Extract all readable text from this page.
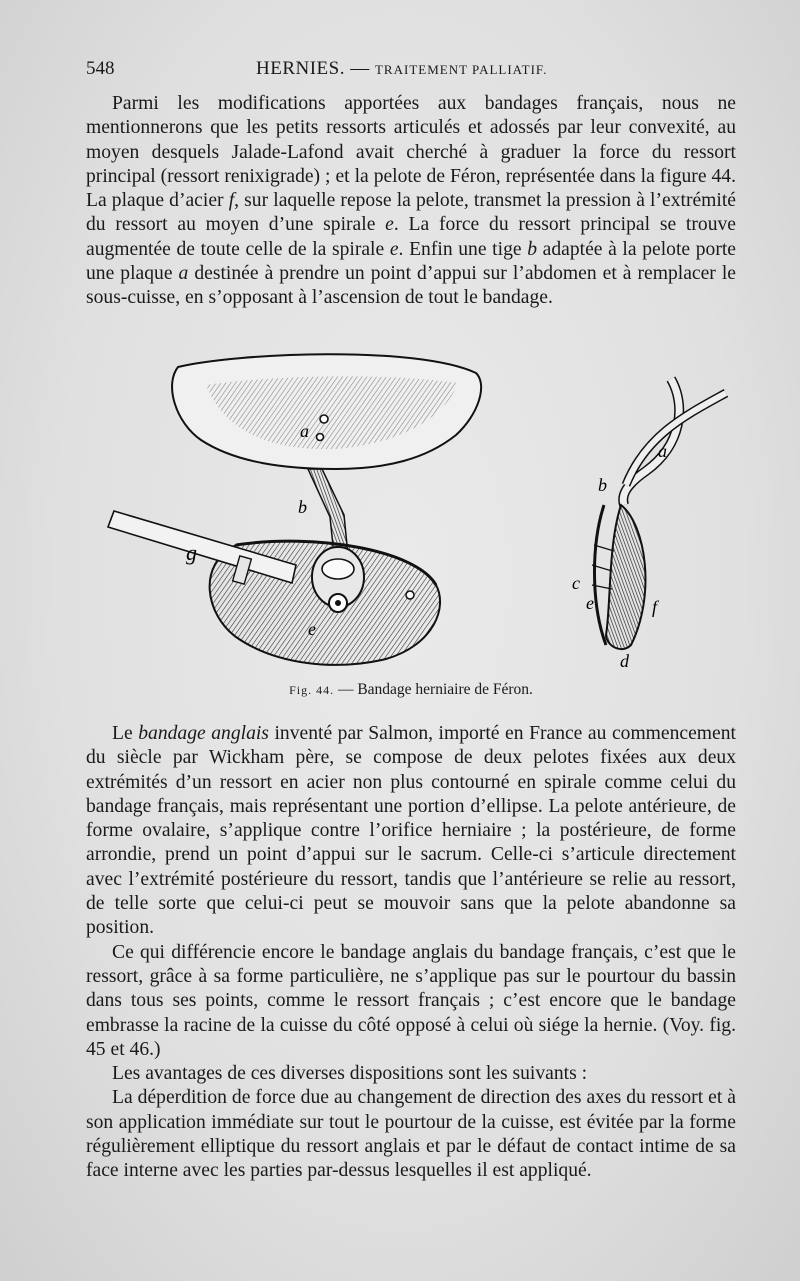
548	HERNIES. — TRAITEMENT PALLIATIF.

Parmi les modifications apportées aux bandages français, nous ne mentionnerons que les petits ressorts articulés et adossés par leur convexité, au moyen desquels Jalade-Lafond avait cherché à graduer la force du ressort principal (ressort renixigrade) ; et la pelote de Féron, représentée dans la figure 44. La plaque d’acier f, sur laquelle repose la pelote, transmet la pression à l’extrémité du ressort au moyen d’une spirale e. La force du ressort principal se trouve augmentée de toute celle de la spirale e. Enfin une tige b adaptée à la pelote porte une plaque a destinée à prendre un point d’appui sur l’abdomen et à remplacer le sous-cuisse, en s’opposant à l’ascension de tout le bandage.

a
b
g
e
a
b
c
e	f
d
Fig. 44. — Bandage herniaire de Féron.

Le bandage anglais inventé par Salmon, importé en France au commencement du siècle par Wickham père, se compose de deux pelotes fixées aux deux extrémités d’un ressort en acier non plus contourné en spirale comme celui du bandage français, mais représentant une portion d’ellipse. La pelote antérieure, de forme ovalaire, s’applique contre l’orifice herniaire ; la postérieure, de forme arrondie, prend un point d’appui sur le sacrum. Celle-ci s’articule directement avec l’extrémité postérieure du ressort, tandis que l’antérieure se relie au ressort, de telle sorte que celui-ci peut se mouvoir sans que la pelote abandonne sa position.

Ce qui différencie encore le bandage anglais du bandage français, c’est que le ressort, grâce à sa forme particulière, ne s’applique pas sur le pourtour du bassin dans tous ses points, comme le ressort français ; c’est encore que le bandage embrasse la racine de la cuisse du côté opposé à celui où siége la hernie. (Voy. fig. 45 et 46.)

Les avantages de ces diverses dispositions sont les suivants :

La déperdition de force due au changement de direction des axes du ressort et à son application immédiate sur tout le pourtour de la cuisse, est évitée par la forme régulièrement elliptique du ressort anglais et par le défaut de contact intime de sa face interne avec les parties par-dessus lesquelles il est appliqué.
